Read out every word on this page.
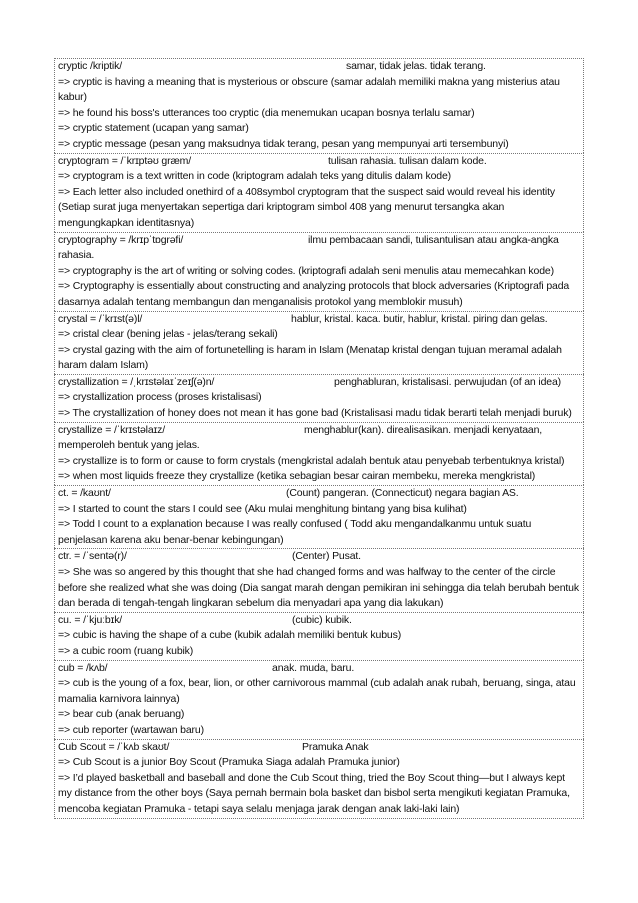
cryptic /kriptik/	samar, tidak jelas. tidak terang.
=> cryptic is having a meaning that is mysterious or obscure (samar adalah memiliki makna yang misterius atau kabur)
=> he found his boss's utterances too cryptic (dia menemukan ucapan bosnya terlalu samar)
=> cryptic statement (ucapan yang samar)
=> cryptic message (pesan yang maksudnya tidak terang, pesan yang mempunyai arti tersembunyi)
cryptogram = /ˈkrɪptəʊ ɡræm/	tulisan rahasia. tulisan dalam kode.
=> cryptogram is a text written in code (kriptogram adalah teks yang ditulis dalam kode)
=> Each letter also included onethird of a 408symbol cryptogram that the suspect said would reveal his identity (Setiap surat juga menyertakan sepertiga dari kriptogram simbol 408 yang menurut tersangka akan mengungkapkan identitasnya)
cryptography = /krɪpˈtɒɡrəfi/	ilmu pembacaan sandi, tulisantulisan atau angka-angka rahasia.
=> cryptography is the art of writing or solving codes. (kriptografi adalah seni menulis atau memecahkan kode)
=> Cryptography is essentially about constructing and analyzing protocols that block adversaries (Kriptografi pada dasarnya adalah tentang membangun dan menganalisis protokol yang memblokir musuh)
crystal = /ˈkrɪst(ə)l/	hablur, kristal. kaca. butir, hablur, kristal. piring dan gelas.
=> cristal clear (bening jelas - jelas/terang sekali)
=> crystal gazing with the aim of fortunetelling is haram in Islam (Menatap kristal dengan tujuan meramal adalah haram dalam Islam)
crystallization = /ˌkrɪstəlaɪˈzeɪʃ(ə)n/	penghabluran, kristalisasi. perwujudan (of an idea)
=> crystallization process (proses kristalisasi)
=> The crystallization of honey does not mean it has gone bad (Kristalisasi madu tidak berarti telah menjadi buruk)
crystallize = /ˈkrɪstəlaɪz/	menghablur(kan). direalisasikan. menjadi kenyataan, memperoleh bentuk yang jelas.
=> crystallize is to form or cause to form crystals (mengkristal adalah bentuk atau penyebab terbentuknya kristal)
=> when most liquids freeze they crystallize (ketika sebagian besar cairan membeku, mereka mengkristal)
ct. = /kaʊnt/	(Count) pangeran. (Connecticut) negara bagian AS.
=> I started to count the stars I could see (Aku mulai menghitung bintang yang bisa kulihat)
=> Todd I count to a explanation because I was really confused ( Todd aku mengandalkanmu untuk suatu penjelasan karena aku benar-benar kebingungan)
ctr. = /ˈsentə(r)/	(Center) Pusat.
=> She was so angered by this thought that she had changed forms and was halfway to the center of the circle before she realized what she was doing (Dia sangat marah dengan pemikiran ini sehingga dia telah berubah bentuk dan berada di tengah-tengah lingkaran sebelum dia menyadari apa yang dia lakukan)
cu. = /ˈkjuːbɪk/	(cubic) kubik.
=> cubic is having the shape of a cube (kubik adalah memiliki bentuk kubus)
=> a cubic room (ruang kubik)
cub = /kʌb/	anak. muda, baru.
=> cub is the young of a fox, bear, lion, or other carnivorous mammal (cub adalah anak rubah, beruang, singa, atau mamalia karnivora lainnya)
=> bear cub (anak beruang)
=> cub reporter (wartawan baru)
Cub Scout = /ˈkʌb skaʊt/	Pramuka Anak
=> Cub Scout is a junior Boy Scout (Pramuka Siaga adalah Pramuka junior)
=> I’d played basketball and baseball and done the Cub Scout thing, tried the Boy Scout thing—but I always kept my distance from the other boys (Saya pernah bermain bola basket dan bisbol serta mengikuti kegiatan Pramuka, mencoba kegiatan Pramuka - tetapi saya selalu menjaga jarak dengan anak laki-laki lain)
